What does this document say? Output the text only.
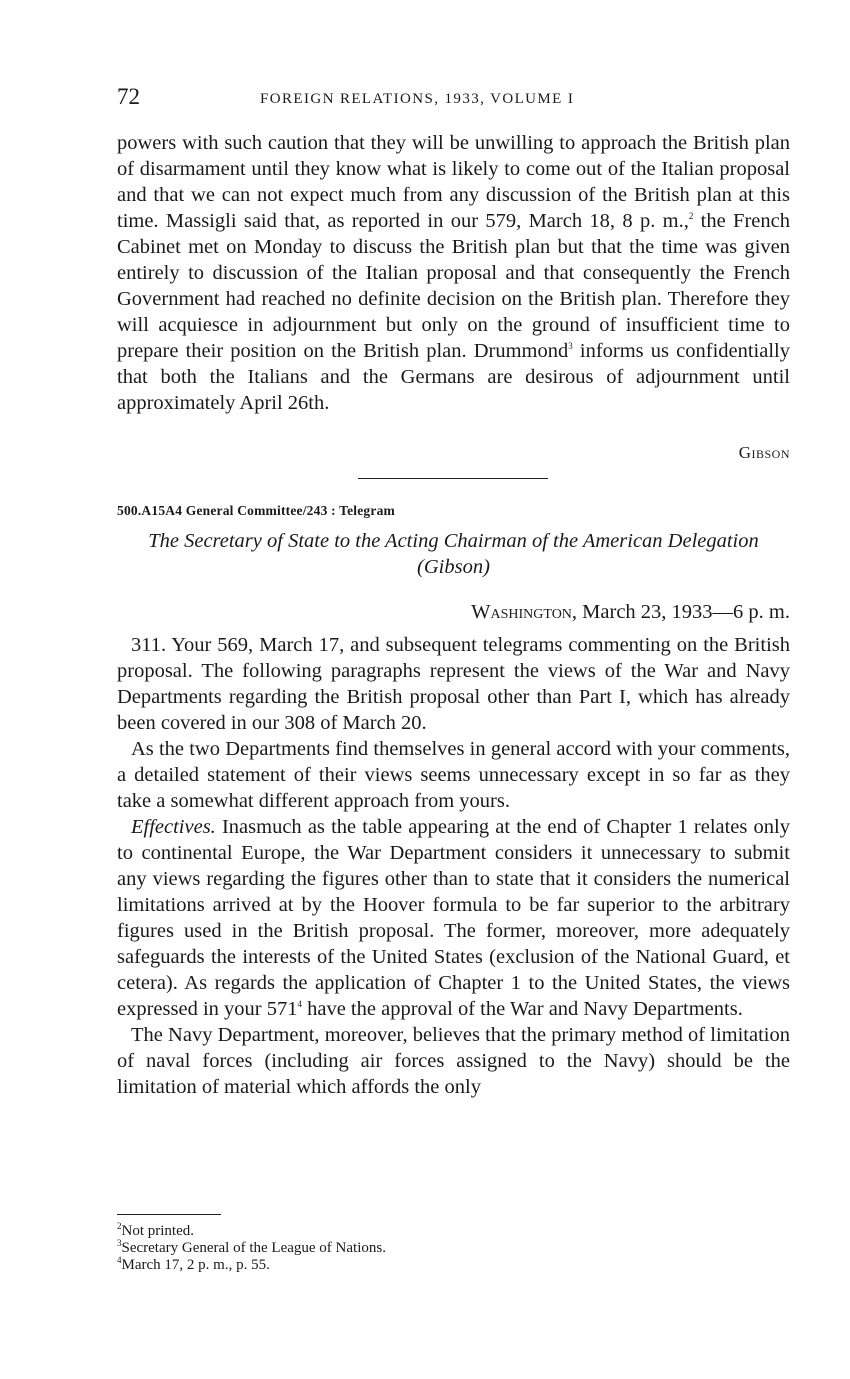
72	FOREIGN RELATIONS, 1933, VOLUME I

powers with such caution that they will be unwilling to approach the British plan of disarmament until they know what is likely to come out of the Italian proposal and that we can not expect much from any discussion of the British plan at this time. Massigli said that, as reported in our 579, March 18, 8 p. m.,$^2$ the French Cabinet met on Monday to discuss the British plan but that the time was given entirely to discussion of the Italian proposal and that consequently the French Government had reached no definite decision on the British plan. Therefore they will acquiesce in adjournment but only on the ground of insufficient time to prepare their position on the British plan. Drummond$^3$ informs us confidentially that both the Italians and the Germans are desirous of adjournment until approximately April 26th.

Gibson
500.A15A4 General Committee/243 : Telegram
The Secretary of State to the Acting Chairman of the American Delegation (Gibson)
Washington, March 23, 1933—6 p. m.

311. Your 569, March 17, and subsequent telegrams commenting on the British proposal. The following paragraphs represent the views of the War and Navy Departments regarding the British proposal other than Part I, which has already been covered in our 308 of March 20.

As the two Departments find themselves in general accord with your comments, a detailed statement of their views seems unnecessary except in so far as they take a somewhat different approach from yours.

Effectives. Inasmuch as the table appearing at the end of Chapter 1 relates only to continental Europe, the War Department considers it unnecessary to submit any views regarding the figures other than to state that it considers the numerical limitations arrived at by the Hoover formula to be far superior to the arbitrary figures used in the British proposal. The former, moreover, more adequately safeguards the interests of the United States (exclusion of the National Guard, et cetera). As regards the application of Chapter 1 to the United States, the views expressed in your $571^4$ have the approval of the War and Navy Departments.

The Navy Department, moreover, believes that the primary method of limitation of naval forces (including air forces assigned to the Navy) should be the limitation of material which affords the only

$^2$Not printed.
$^3$Secretary General of the League of Nations.
$^4$March 17, 2 p. m., p. 55.
